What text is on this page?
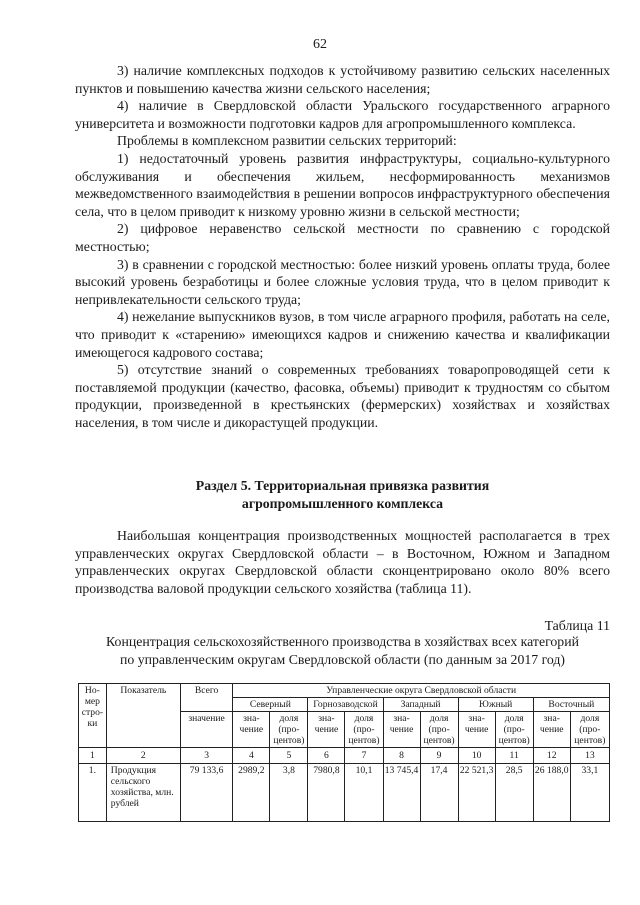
62

3) наличие комплексных подходов к устойчивому развитию сельских населенных пунктов и повышению качества жизни сельского населения;

4) наличие в Свердловской области Уральского государственного аграрного университета и возможности подготовки кадров для агропромышленного комплекса.

Проблемы в комплексном развитии сельских территорий:

1) недостаточный уровень развития инфраструктуры, социально-культурного обслуживания и обеспечения жильем, несформированность механизмов межведомственного взаимодействия в решении вопросов инфраструктурного обеспечения села, что в целом приводит к низкому уровню жизни в сельской местности;

2) цифровое неравенство сельской местности по сравнению с городской местностью;

3) в сравнении с городской местностью: более низкий уровень оплаты труда, более высокий уровень безработицы и более сложные условия труда, что в целом приводит к непривлекательности сельского труда;

4) нежелание выпускников вузов, в том числе аграрного профиля, работать на селе, что приводит к «старению» имеющихся кадров и снижению качества и квалификации имеющегося кадрового состава;

5) отсутствие знаний о современных требованиях товаропроводящей сети к поставляемой продукции (качество, фасовка, объемы) приводит к трудностям со сбытом продукции, произведенной в крестьянских (фермерских) хозяйствах и хозяйствах населения, в том числе и дикорастущей продукции.

Раздел 5. Территориальная привязка развития
агропромышленного комплекса

Наибольшая концентрация производственных мощностей располагается в трех управленческих округах Свердловской области – в Восточном, Южном и Западном управленческих округах Свердловской области сконцентрировано около 80% всего производства валовой продукции сельского хозяйства (таблица 11).

Таблица 11
Концентрация сельскохозяйственного производства в хозяйствах всех категорий
по управленческим округам Свердловской области (по данным за 2017 год)
Но-мер стро-ки	Показатель	Всего	Управленческие округа Свердловской области									
			Северный		Горнозаводской		Западный		Южный		Восточный	
		значение	зна-чение	доля (про-центов)	зна-чение	доля (про-центов)	зна-чение	доля (про-центов)	зна-чение	доля (про-центов)	зна-чение	доля (про-центов)
1	2	3	4	5	6	7	8	9	10	11	12	13
1.	Продукция сельского хозяйства, млн. рублей	79 133,6	2989,2	3,8	7980,8	10,1	13 745,4	17,4	22 521,3	28,5	26 188,0	33,1
